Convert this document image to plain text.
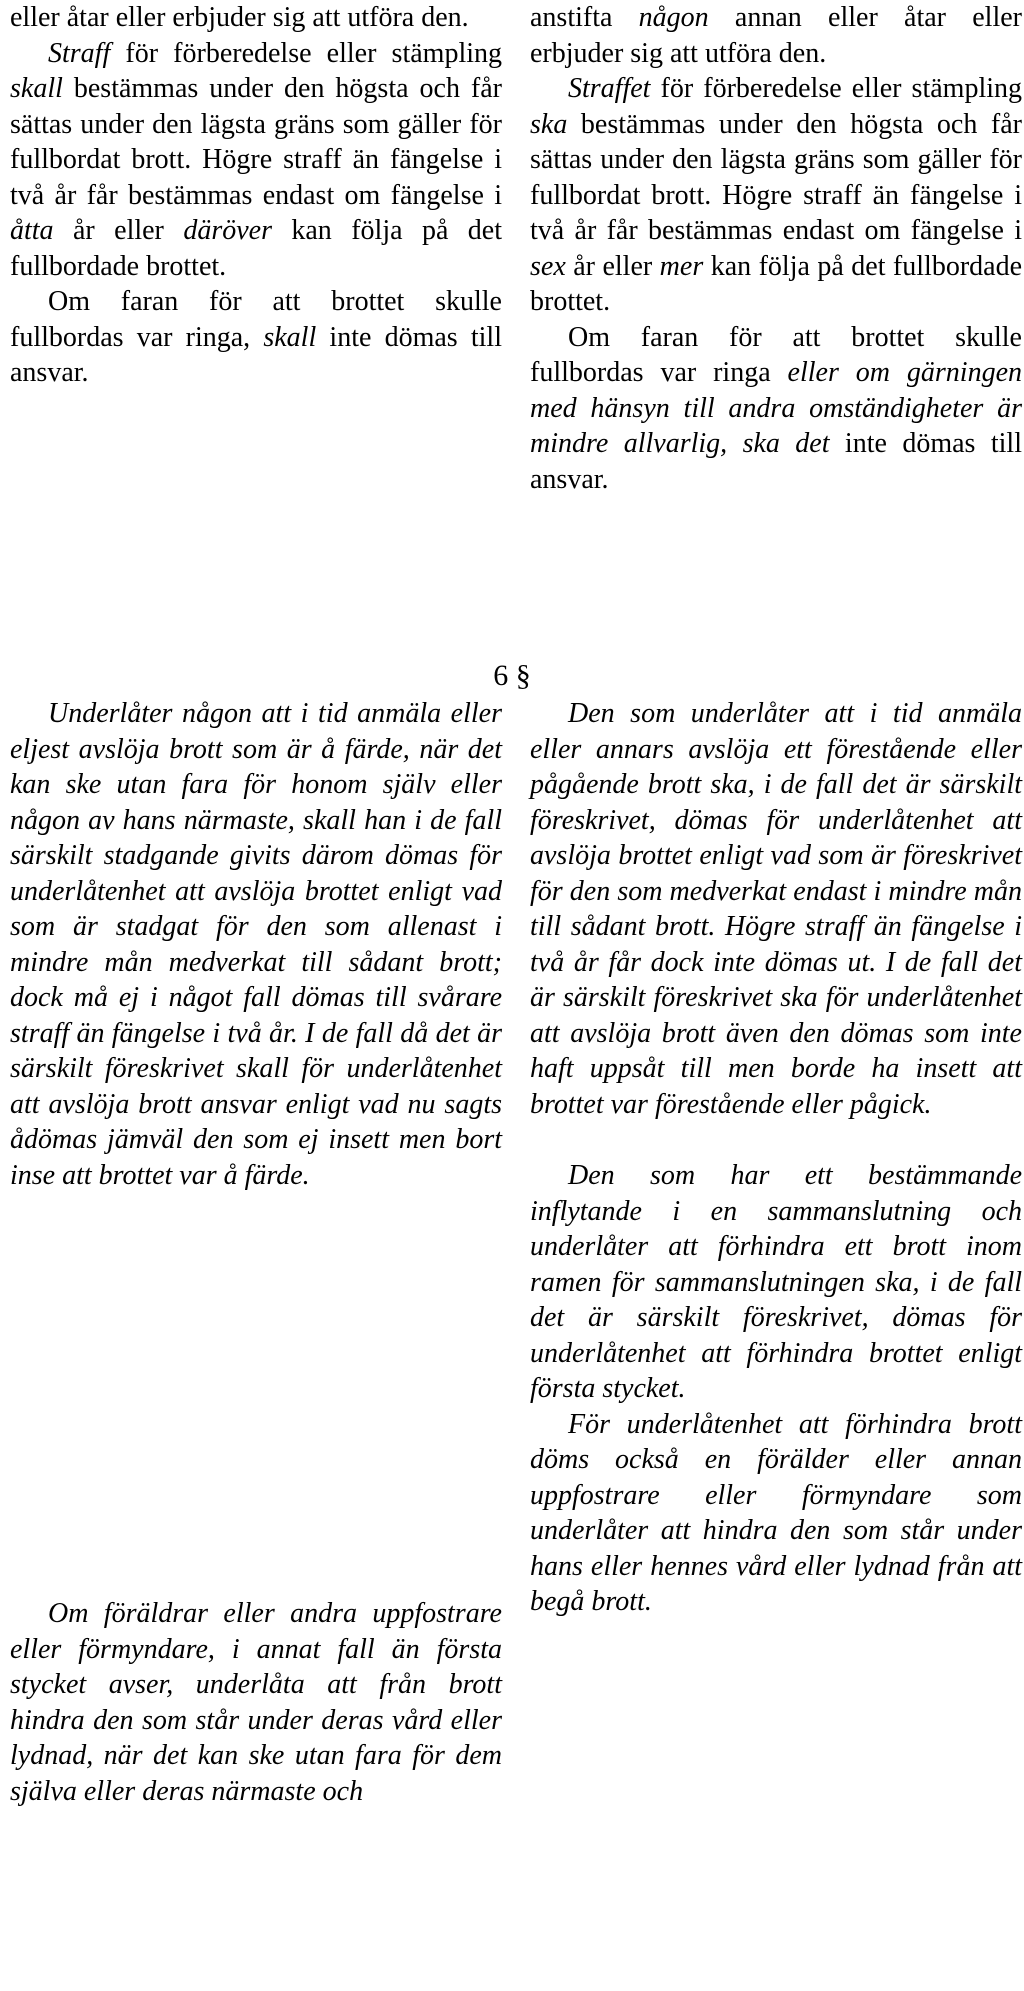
eller åtar eller erbjuder sig att utföra den.

Straff för förberedelse eller stämpling skall bestämmas under den högsta och får sättas under den lägsta gräns som gäller för fullbordat brott. Högre straff än fängelse i två år får bestämmas endast om fängelse i åtta år eller däröver kan följa på det fullbordade brottet.

Om faran för att brottet skulle fullbordas var ringa, skall inte dömas till ansvar.

anstifta någon annan eller åtar eller erbjuder sig att utföra den.

Straffet för förberedelse eller stämpling ska bestämmas under den högsta och får sättas under den lägsta gräns som gäller för fullbordat brott. Högre straff än fängelse i två år får bestämmas endast om fängelse i sex år eller mer kan följa på det fullbordade brottet.

Om faran för att brottet skulle fullbordas var ringa eller om gärningen med hänsyn till andra omständigheter är mindre allvarlig, ska det inte dömas till ansvar.

6 §

Underlåter någon att i tid anmäla eller eljest avslöja brott som är å färde, när det kan ske utan fara för honom själv eller någon av hans närmaste, skall han i de fall särskilt stadgande givits därom dömas för underlåtenhet att avslöja brottet enligt vad som är stadgat för den som allenast i mindre mån medverkat till sådant brott; dock må ej i något fall dömas till svårare straff än fängelse i två år. I de fall då det är särskilt föreskrivet skall för underlåtenhet att avslöja brott ansvar enligt vad nu sagts ådömas jämväl den som ej insett men bort inse att brottet var å färde.

Om föräldrar eller andra uppfostrare eller förmyndare, i annat fall än första stycket avser, underlåta att från brott hindra den som står under deras vård eller lydnad, när det kan ske utan fara för dem själva eller deras närmaste och

Den som underlåter att i tid anmäla eller annars avslöja ett förestående eller pågående brott ska, i de fall det är särskilt föreskrivet, dömas för underlåtenhet att avslöja brottet enligt vad som är föreskrivet för den som medverkat endast i mindre mån till sådant brott. Högre straff än fängelse i två år får dock inte dömas ut. I de fall det är särskilt föreskrivet ska för underlåtenhet att avslöja brott även den dömas som inte haft uppsåt till men borde ha insett att brottet var förestående eller pågick.

Den som har ett bestämmande inflytande i en sammanslutning och underlåter att förhindra ett brott inom ramen för sammanslutningen ska, i de fall det är särskilt föreskrivet, dömas för underlåtenhet att förhindra brottet enligt första stycket.

För underlåtenhet att förhindra brott döms också en förälder eller annan uppfostrare eller förmyndare som underlåter att hindra den som står under hans eller hennes vård eller lydnad från att begå brott.
